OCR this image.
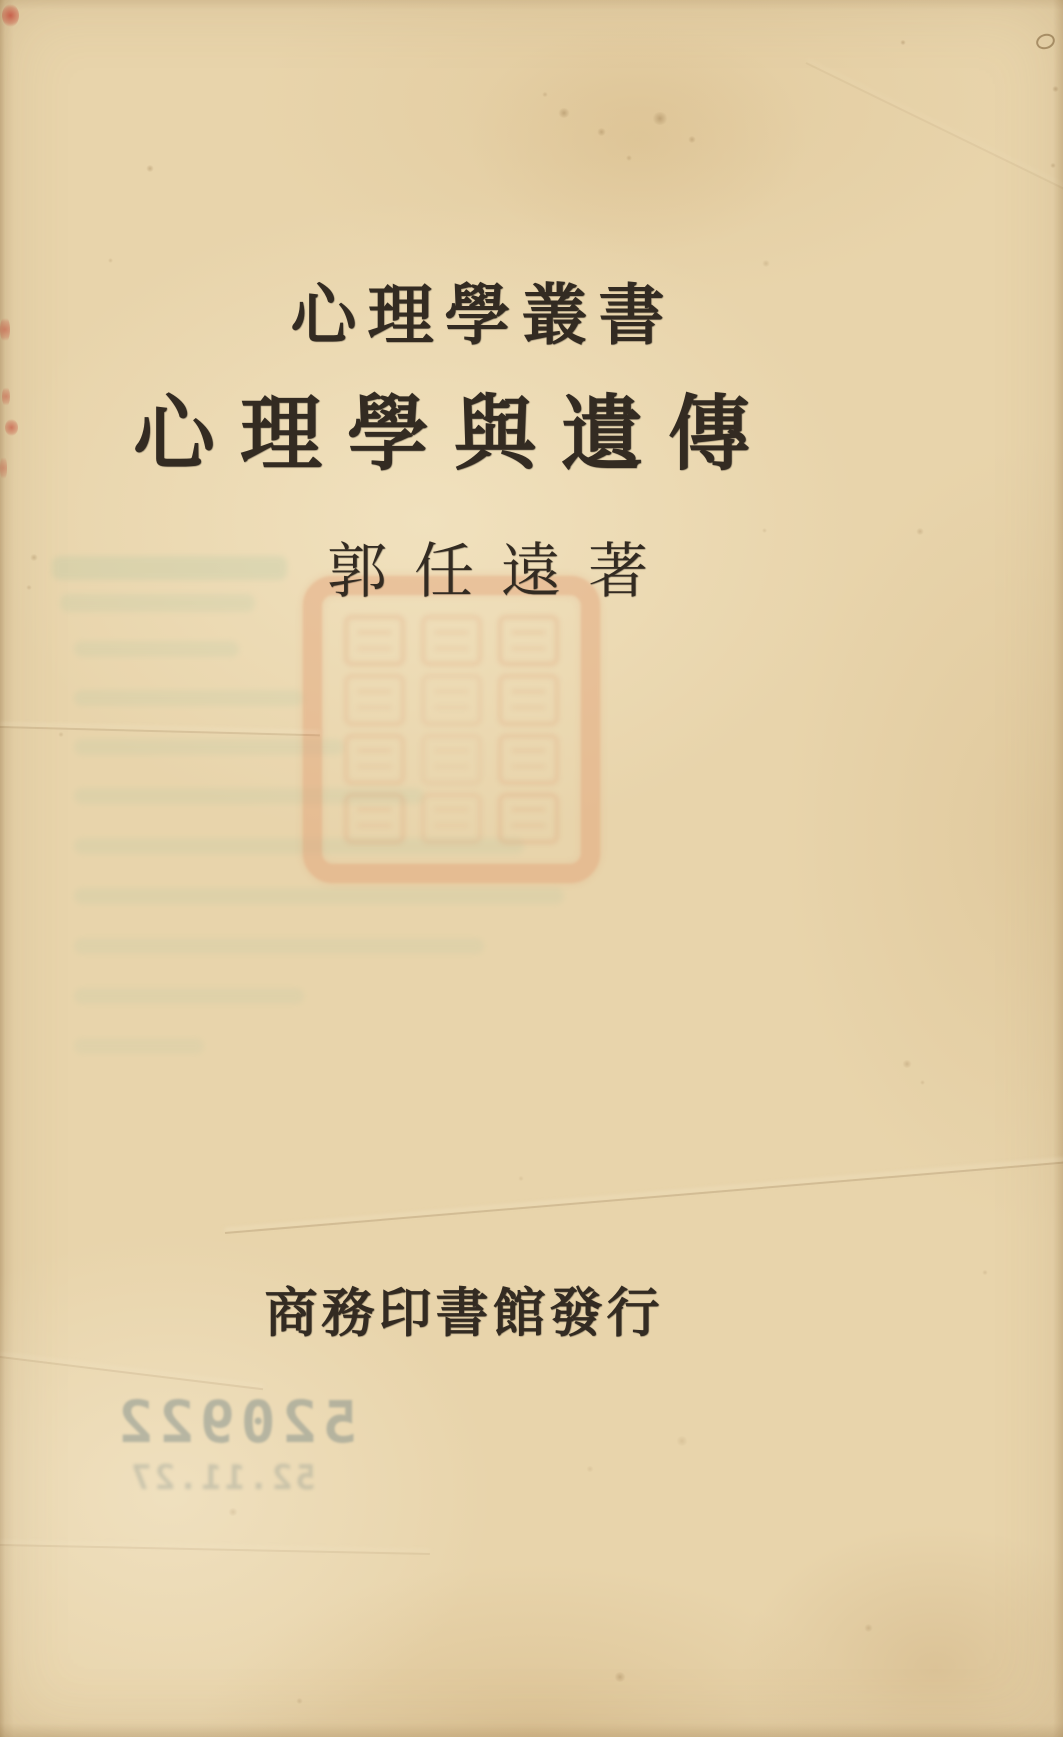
心理學叢書
心理學與遺傳
郭任遠著
商務印書館發行
520922
52.11.27
